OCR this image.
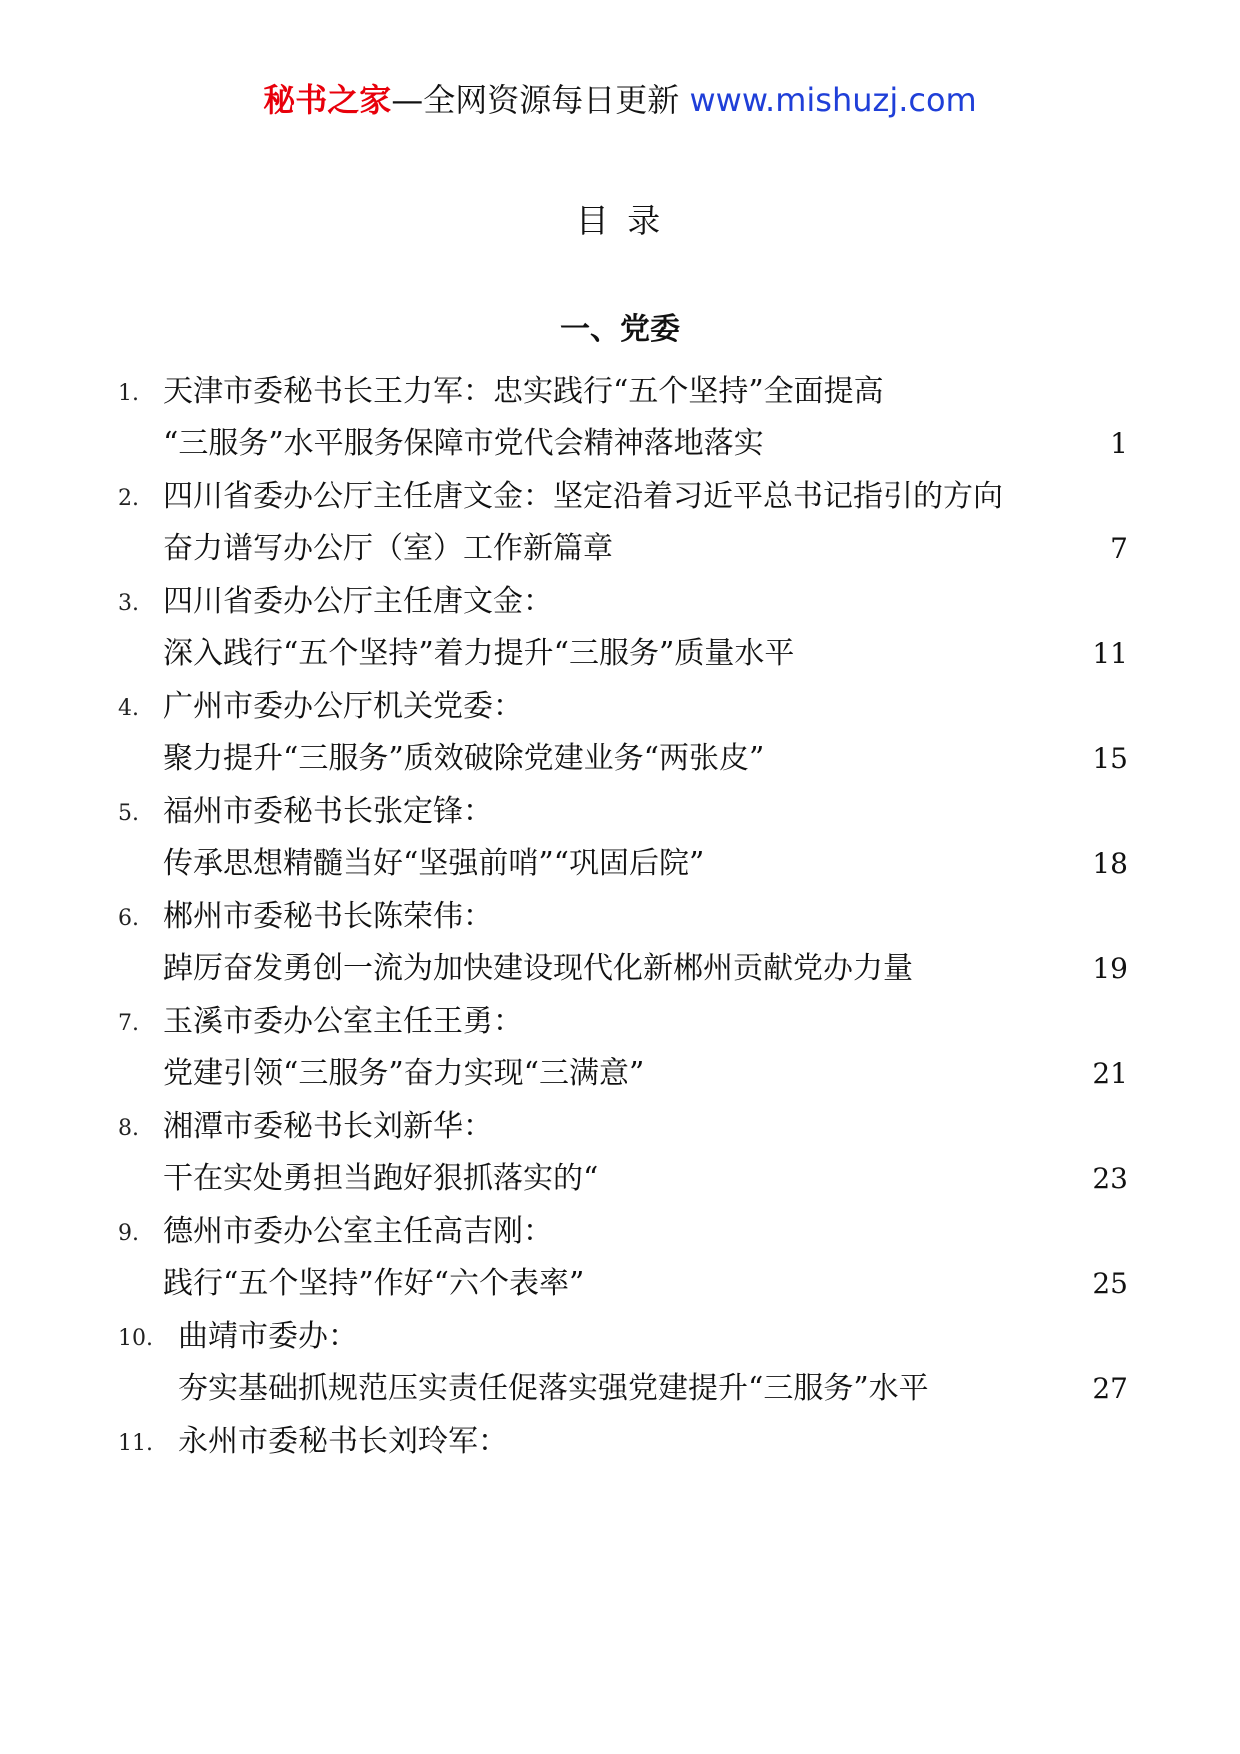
秘书之家—全网资源每日更新 www.mishuzj.com
目 录
一、党委
1. 天津市委秘书长王力军：忠实践行“五个坚持”全面提高
“三服务”水平服务保障市党代会精神落地落实	1
2. 四川省委办公厅主任唐文金：坚定沿着习近平总书记指引的方向
奋力谱写办公厅（室）工作新篇章	7
3. 四川省委办公厅主任唐文金：
深入践行“五个坚持”着力提升“三服务”质量水平	11
4. 广州市委办公厅机关党委：
聚力提升“三服务”质效破除党建业务“两张皮”	15
5. 福州市委秘书长张定锋：
传承思想精髓当好“坚强前哨”“巩固后院”	18
6. 郴州市委秘书长陈荣伟：
踔厉奋发勇创一流为加快建设现代化新郴州贡献党办力量	19
7. 玉溪市委办公室主任王勇：
党建引领“三服务”奋力实现“三满意”	21
8. 湘潭市委秘书长刘新华：
干在实处勇担当跑好狠抓落实的“	23
9. 德州市委办公室主任高吉刚：
践行“五个坚持”作好“六个表率”	25
10. 曲靖市委办：
夯实基础抓规范压实责任促落实强党建提升“三服务”水平	27
11. 永州市委秘书长刘玲军：
